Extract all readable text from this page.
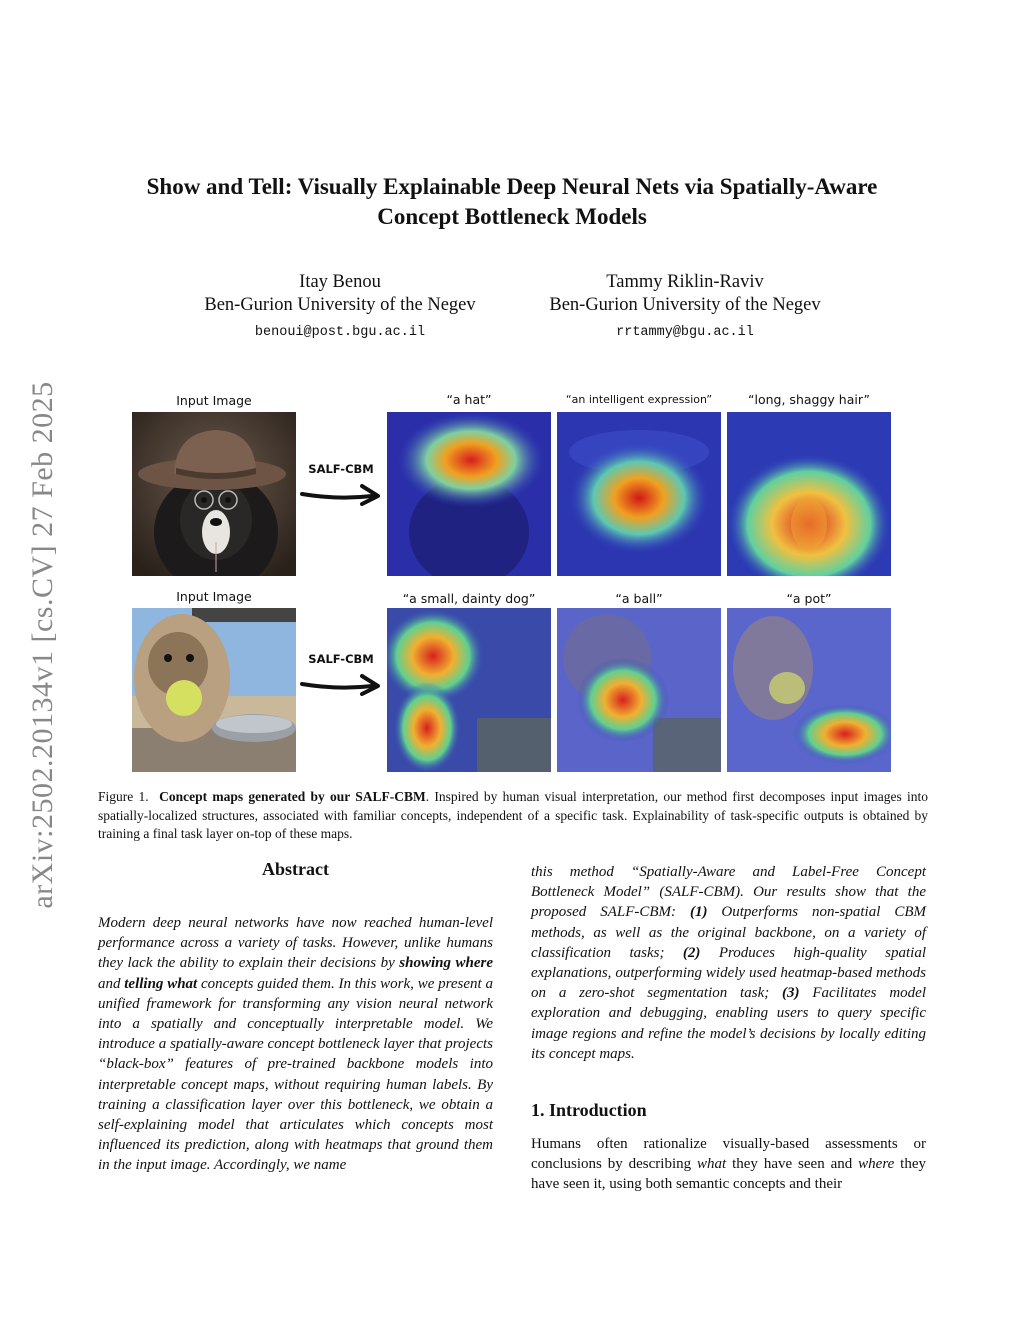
arXiv:2502.20134v1 [cs.CV] 27 Feb 2025
Show and Tell: Visually Explainable Deep Neural Nets via Spatially-Aware
Concept Bottleneck Models
Itay Benou
Ben-Gurion University of the Negev
benoui@post.bgu.ac.il
Tammy Riklin-Raviv
Ben-Gurion University of the Negev
rrtammy@bgu.ac.il
Input Image	“a hat”	“an intelligent expression”	“long, shaggy hair”
SALF-CBM
Input Image	“a small, dainty dog”	“a ball”	“a pot”
SALF-CBM
Figure 1. Concept maps generated by our SALF-CBM. Inspired by human visual interpretation, our method first decomposes input images into spatially-localized structures, associated with familiar concepts, independent of a specific task. Explainability of task-specific outputs is obtained by training a final task layer on-top of these maps.
Abstract
Modern deep neural networks have now reached human-level performance across a variety of tasks. However, unlike humans they lack the ability to explain their decisions by showing where and telling what concepts guided them. In this work, we present a unified framework for transforming any vision neural network into a spatially and conceptually interpretable model. We introduce a spatially-aware concept bottleneck layer that projects “black-box” features of pre-trained backbone models into interpretable concept maps, without requiring human labels. By training a classification layer over this bottleneck, we obtain a self-explaining model that articulates which concepts most influenced its prediction, along with heatmaps that ground them in the input image. Accordingly, we name
this method “Spatially-Aware and Label-Free Concept Bottleneck Model” (SALF-CBM). Our results show that the proposed SALF-CBM: (1) Outperforms non-spatial CBM methods, as well as the original backbone, on a variety of classification tasks; (2) Produces high-quality spatial explanations, outperforming widely used heatmap-based methods on a zero-shot segmentation task; (3) Facilitates model exploration and debugging, enabling users to query specific image regions and refine the model’s decisions by locally editing its concept maps.
1. Introduction
Humans often rationalize visually-based assessments or conclusions by describing what they have seen and where they have seen it, using both semantic concepts and their
